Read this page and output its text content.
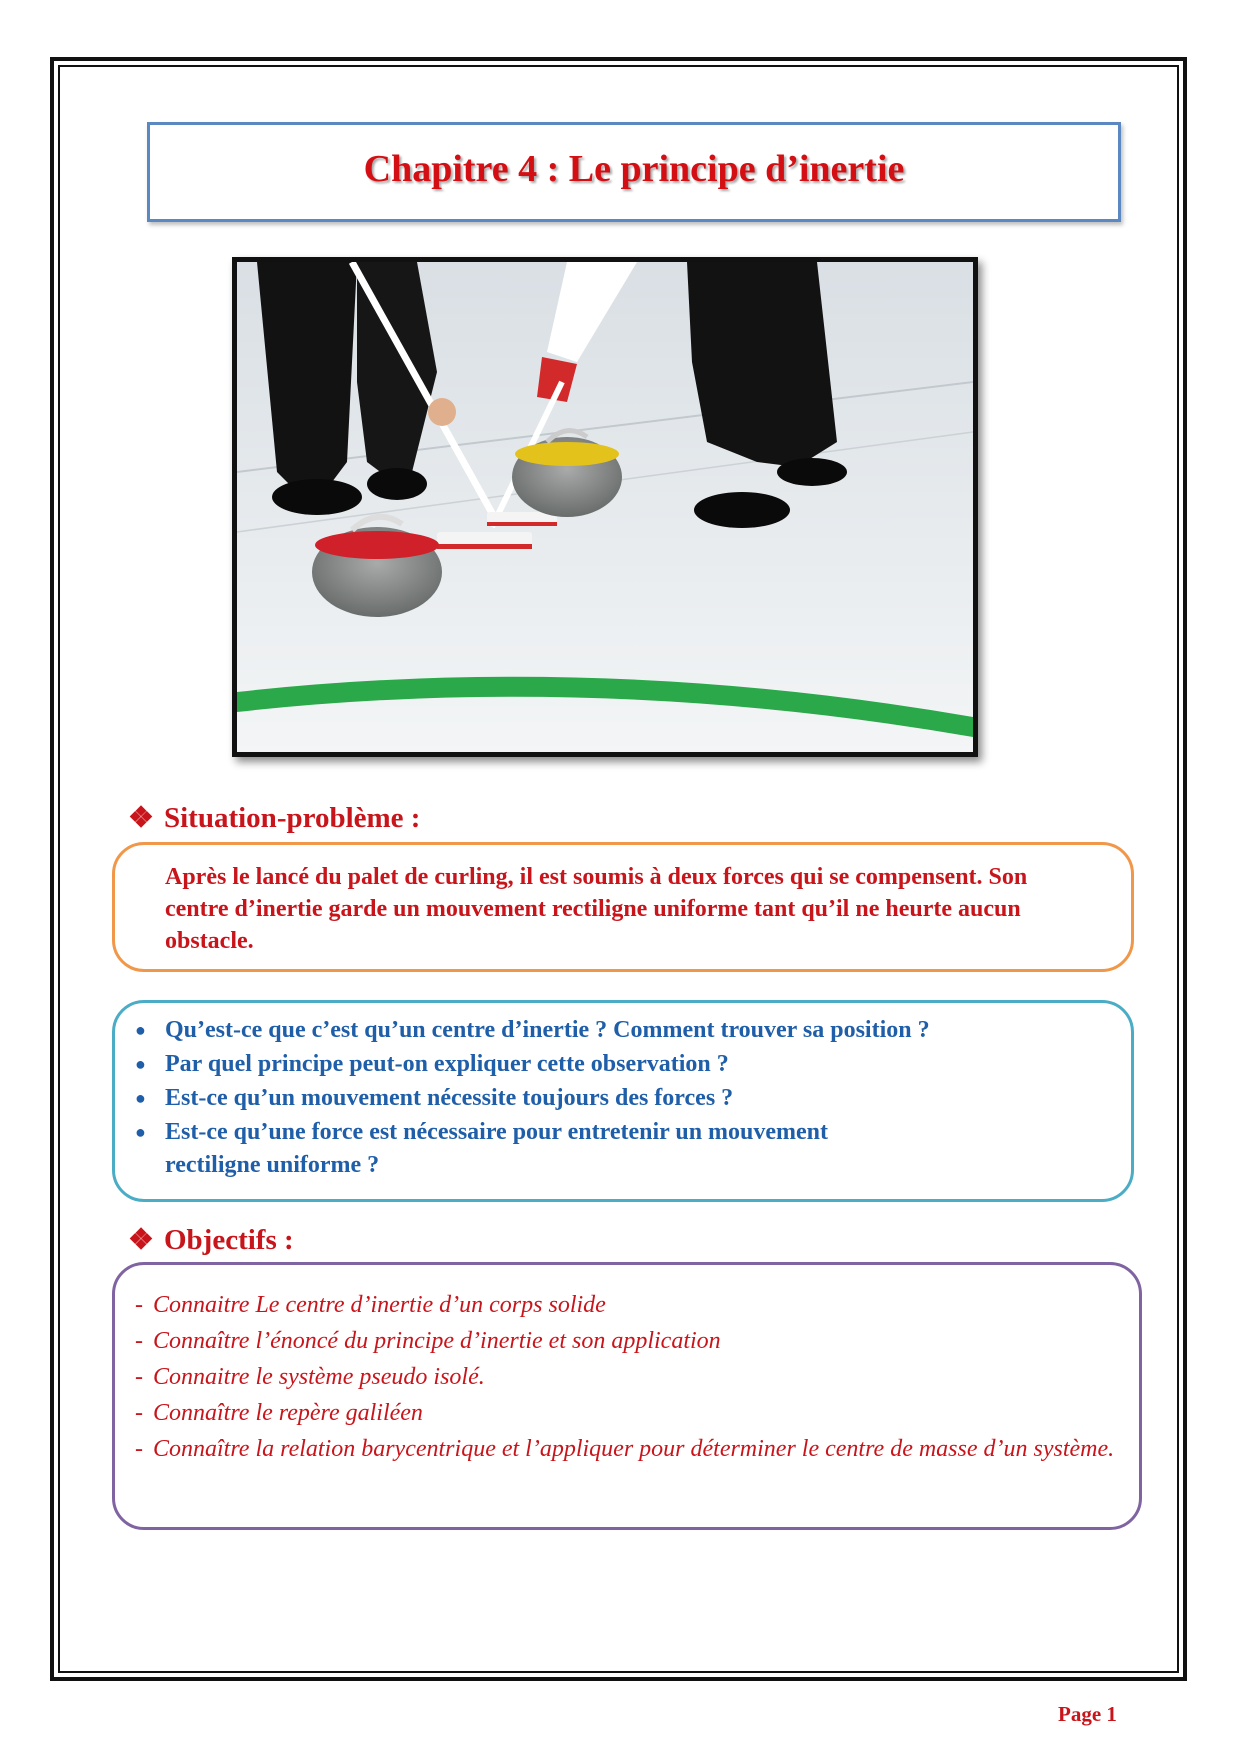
Chapitre 4 : Le principe d’inertie
❖ Situation-problème :

Après le lancé du palet de curling, il est soumis à deux forces qui se compensent. Son centre d’inertie garde un mouvement rectiligne uniforme tant qu’il ne heurte aucun obstacle.

● Qu’est-ce que c’est qu’un centre d’inertie ? Comment trouver sa position ?
● Par quel principe peut-on expliquer cette observation ?
● Est-ce qu’un mouvement nécessite toujours des forces ?
● Est-ce qu’une force est nécessaire pour entretenir un mouvement
rectiligne uniforme ?
❖ Objectifs :
- Connaitre Le centre d’inertie d’un corps solide
- Connaître l’énoncé du principe d’inertie et son application
- Connaitre le système pseudo isolé.
- Connaître le repère galiléen
- Connaître la relation barycentrique et l’appliquer pour déterminer le centre de masse d’un système.
Page 1
